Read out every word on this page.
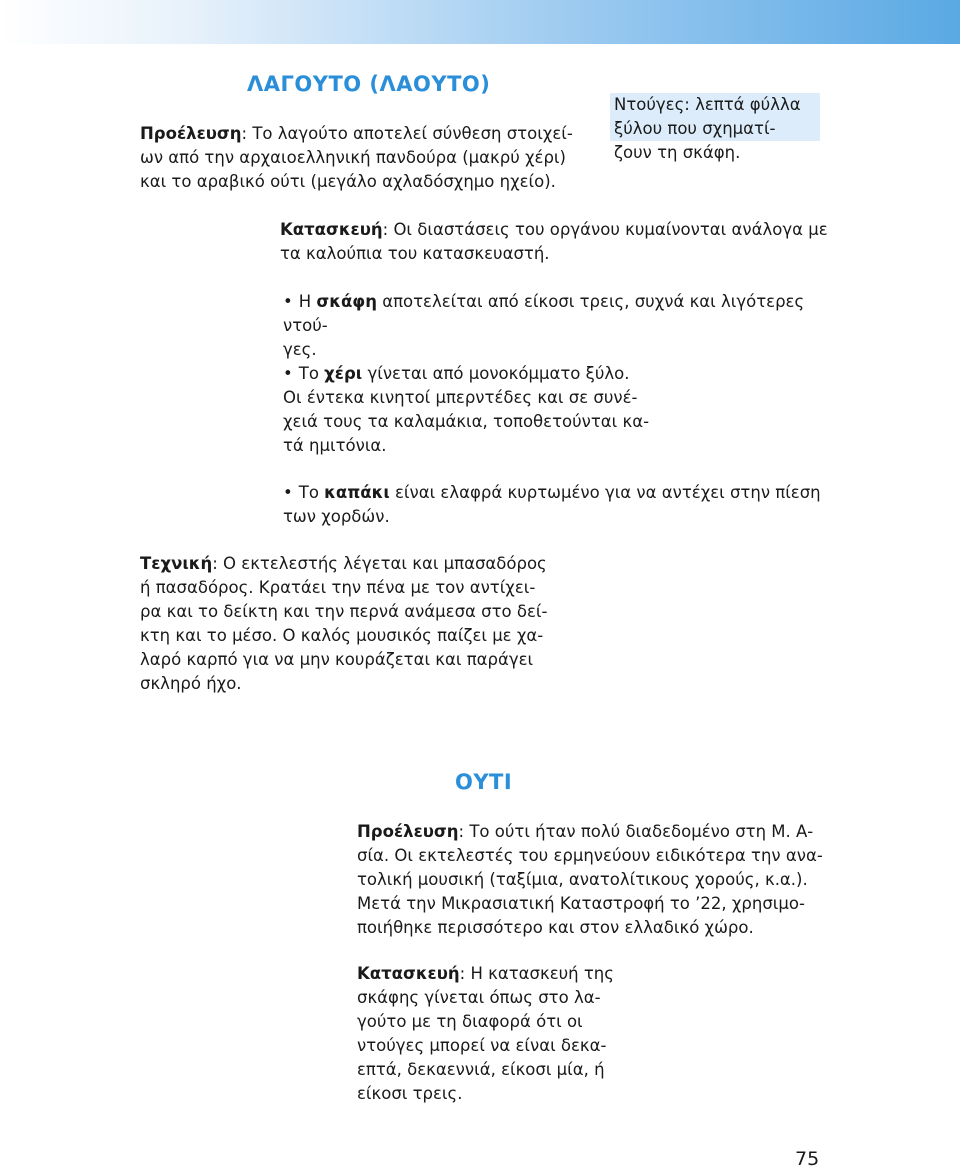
ΛΑΓΟΥΤΟ (ΛΑΟΥΤΟ)

Προέλευση: Το λαγούτο αποτελεί σύνθεση στοιχεί-

ων από την αρχαιοελληνική πανδούρα (μακρύ χέρι)

και το αραβικό ούτι (μεγάλο αχλαδόσχημο ηχείο).

Ντούγες: λεπτά φύλλα

ξύλου που σχηματί-

ζουν τη σκάφη.

Κατασκευή: Οι διαστάσεις του οργάνου κυμαίνονται ανάλογα με

τα καλούπια του κατασκευαστή.

• Η σκάφη αποτελείται από είκοσι τρεις, συχνά και λιγότερες ντού-

γες.

• Το χέρι γίνεται από μονοκόμματο ξύλο.

Οι έντεκα κινητοί μπερντέδες και σε συνέ-

χειά τους τα καλαμάκια, τοποθετούνται κα-

τά ημιτόνια.

• Το καπάκι είναι ελαφρά κυρτωμένο για να αντέχει στην πίεση

των χορδών.

Τεχνική: Ο εκτελεστής λέγεται και μπασαδόρος

ή πασαδόρος. Κρατάει την πένα με τον αντίχει-

ρα και το δείκτη και την περνά ανάμεσα στο δεί-

κτη και το μέσο. Ο καλός μουσικός παίζει με χα-

λαρό καρπό για να μην κουράζεται και παράγει

σκληρό ήχο.

ΟΥΤΙ

Προέλευση: Το ούτι ήταν πολύ διαδεδομένο στη Μ. Α-

σία. Οι εκτελεστές του ερμηνεύουν ειδικότερα την ανα-

τολική μουσική (ταξίμια, ανατολίτικους χορούς, κ.α.).

Μετά την Μικρασιατική Καταστροφή το ’22, χρησιμο-

ποιήθηκε περισσότερο και στον ελλαδικό χώρο.

Κατασκευή: Η κατασκευή της

σκάφης γίνεται όπως στο λα-

γούτο με τη διαφορά ότι οι

ντούγες μπορεί να είναι δεκα-

επτά, δεκαεννιά, είκοσι μία, ή

είκοσι τρεις.

75
